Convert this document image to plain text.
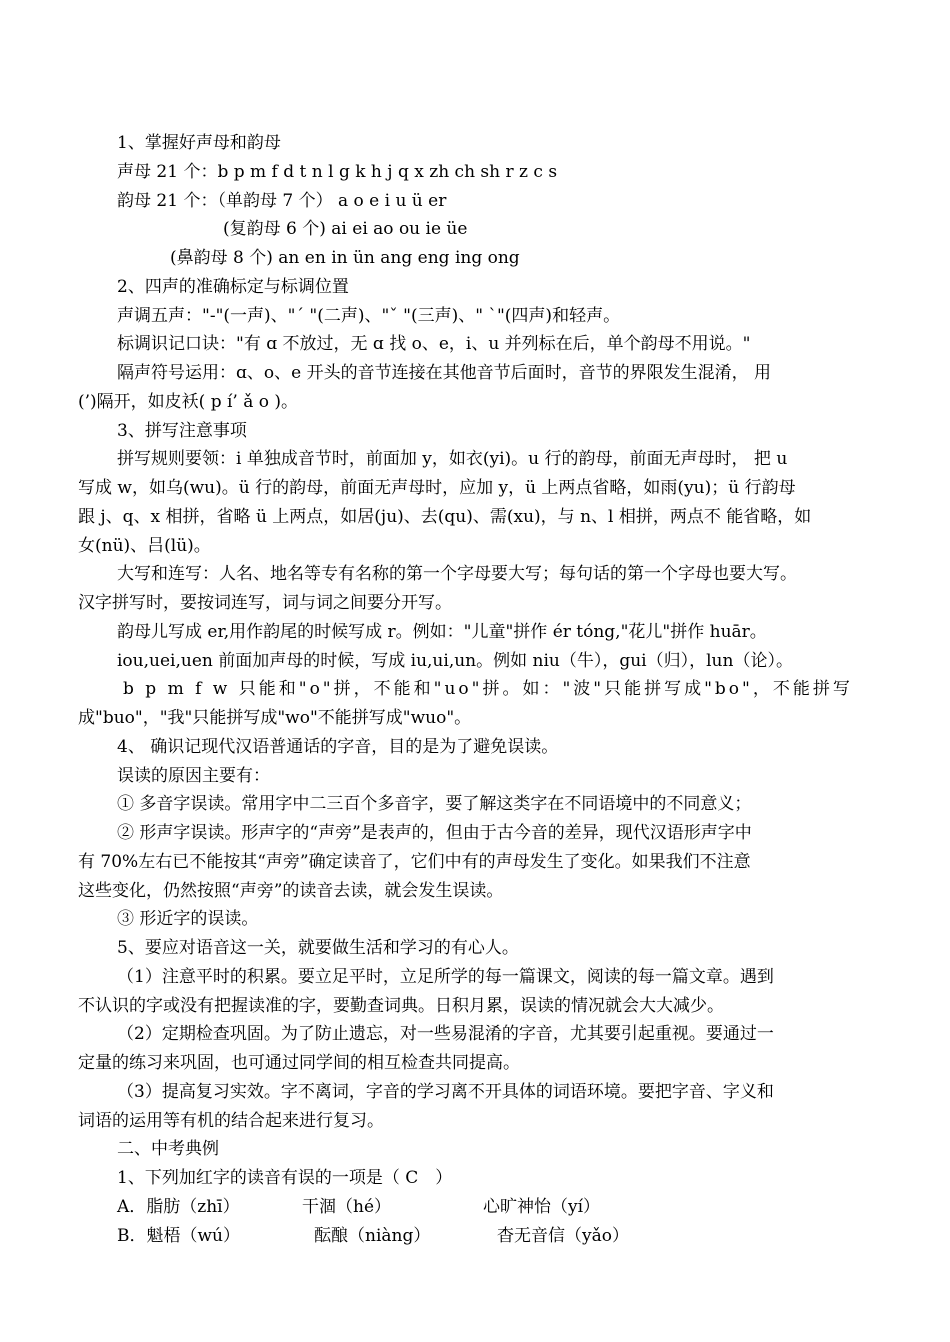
1、掌握好声母和韵母
声母 21 个：b p m f d t n l g k h j q x zh ch sh r z c s
韵母 21 个：（单韵母 7 个） a o e i u ü er
(复韵母 6 个) ai ei ao ou ie üe
(鼻韵母 8 个) an en in ün ang eng ing ong
2、四声的准确标定与标调位置
声调五声："-"(一声)、"ˊ "(二声)、"ˇ "(三声)、" ˋ"(四声)和轻声。
标调识记口诀："有 ɑ 不放过，无 ɑ 找 o、e，i、u 并列标在后，单个韵母不用说。"
隔声符号运用：ɑ、o、e 开头的音节连接在其他音节后面时，音节的界限发生混淆， 用
(’)隔开，如皮袄( p í’ ǎ o )。
3、拼写注意事项
拼写规则要领：i 单独成音节时，前面加 y，如衣(yi)。u 行的韵母，前面无声母时， 把 u
写成 w，如乌(wu)。ü 行的韵母，前面无声母时，应加 y，ü 上两点省略，如雨(yu)；ü 行韵母
跟 j、q、x 相拼，省略 ü 上两点，如居(ju)、去(qu)、需(xu)，与 n、l 相拼，两点不 能省略，如
女(nü)、吕(lü)。
大写和连写：人名、地名等专有名称的第一个字母要大写；每句话的第一个字母也要大写。
汉字拼写时，要按词连写，词与词之间要分开写。
韵母儿写成 er,用作韵尾的时候写成 r。例如："儿童"拼作 ér tóng,"花儿"拼作 huār。
iou,uei,uen 前面加声母的时候，写成 iu,ui,un。例如 niu（牛），gui（归），lun（论）。
b p m f w 只能和"o"拼，不能和"uo"拼。如："波"只能拼写成"bo"，不能拼写
成"buo"，"我"只能拼写成"wo"不能拼写成"wuo"。
4、 确识记现代汉语普通话的字音，目的是为了避免误读。
误读的原因主要有：
① 多音字误读。常用字中二三百个多音字，要了解这类字在不同语境中的不同意义；
② 形声字误读。形声字的“声旁”是表声的，但由于古今音的差异，现代汉语形声字中
有 70%左右已不能按其“声旁”确定读音了，它们中有的声母发生了变化。如果我们不注意
这些变化，仍然按照“声旁”的读音去读，就会发生误读。
③ 形近字的误读。
5、要应对语音这一关，就要做生活和学习的有心人。
（1）注意平时的积累。要立足平时，立足所学的每一篇课文，阅读的每一篇文章。遇到
不认识的字或没有把握读准的字，要勤查词典。日积月累，误读的情况就会大大减少。
（2）定期检查巩固。为了防止遗忘，对一些易混淆的字音，尤其要引起重视。要通过一
定量的练习来巩固，也可通过同学间的相互检查共同提高。
（3）提高复习实效。字不离词，字音的学习离不开具体的词语环境。要把字音、字义和
词语的运用等有机的结合起来进行复习。
二、中考典例
1、下列加红字的读音有误的一项是（ C　）
A．脂肪（zhī）	干涸（hé）	心旷神怡（yí）
B．魁梧（wú）	酝酿（niàng）	杳无音信（yǎo）
